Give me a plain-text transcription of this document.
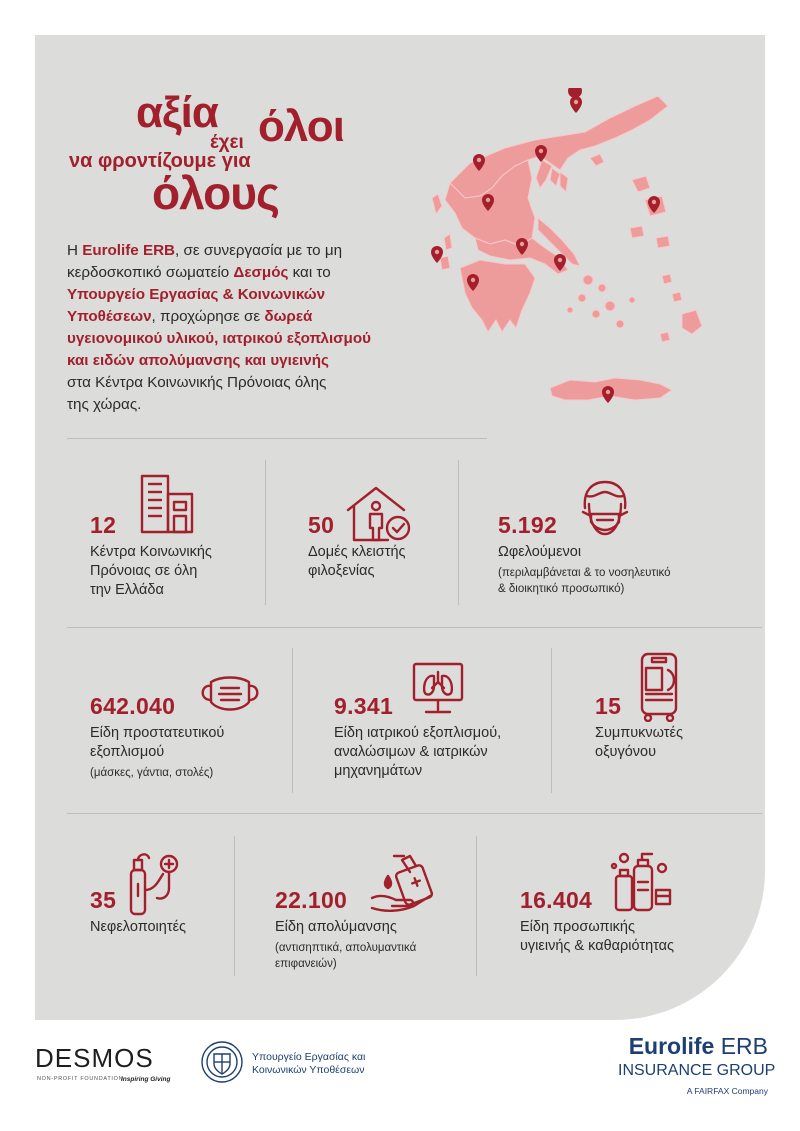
αξία
έχει όλοι
να φροντίζουμε για
όλους
Η Eurolife ERB, σε συνεργασία με το μη
κερδοσκοπικό σωματείο Δεσμός και το
Υπουργείο Εργασίας & Κοινωνικών
Υποθέσεων, προχώρησε σε δωρεά
υγειονομικού υλικού, ιατρικού εξοπλισμού
και ειδών απολύμανσης και υγιεινής
στα Κέντρα Κοινωνικής Πρόνοιας όλης
της χώρας.
12
Κέντρα Κοινωνικής
Πρόνοιας σε όλη
την Ελλάδα
50
Δομές κλειστής
φιλοξενίας
5.192
Ωφελούμενοι
(περιλαμβάνεται & το νοσηλευτικό
& διοικητικό προσωπικό)
642.040
Είδη προστατευτικού
εξοπλισμού
(μάσκες, γάντια, στολές)
9.341
Είδη ιατρικού εξοπλισμού,
αναλώσιμων & ιατρικών
μηχανημάτων
15
Συμπυκνωτές
οξυγόνου
35
Νεφελοποιητές
22.100
Είδη απολύμανσης
(αντισηπτικά, απολυμαντικά
επιφανειών)
16.404
Είδη προσωπικής
υγιεινής & καθαριότητας
DESMOS
NON-PROFIT FOUNDATION
Inspiring Giving
Υπουργείο Εργασίας και
Κοινωνικών Υποθέσεων
Eurolife ERB
INSURANCE GROUP
A FAIRFAX Company
